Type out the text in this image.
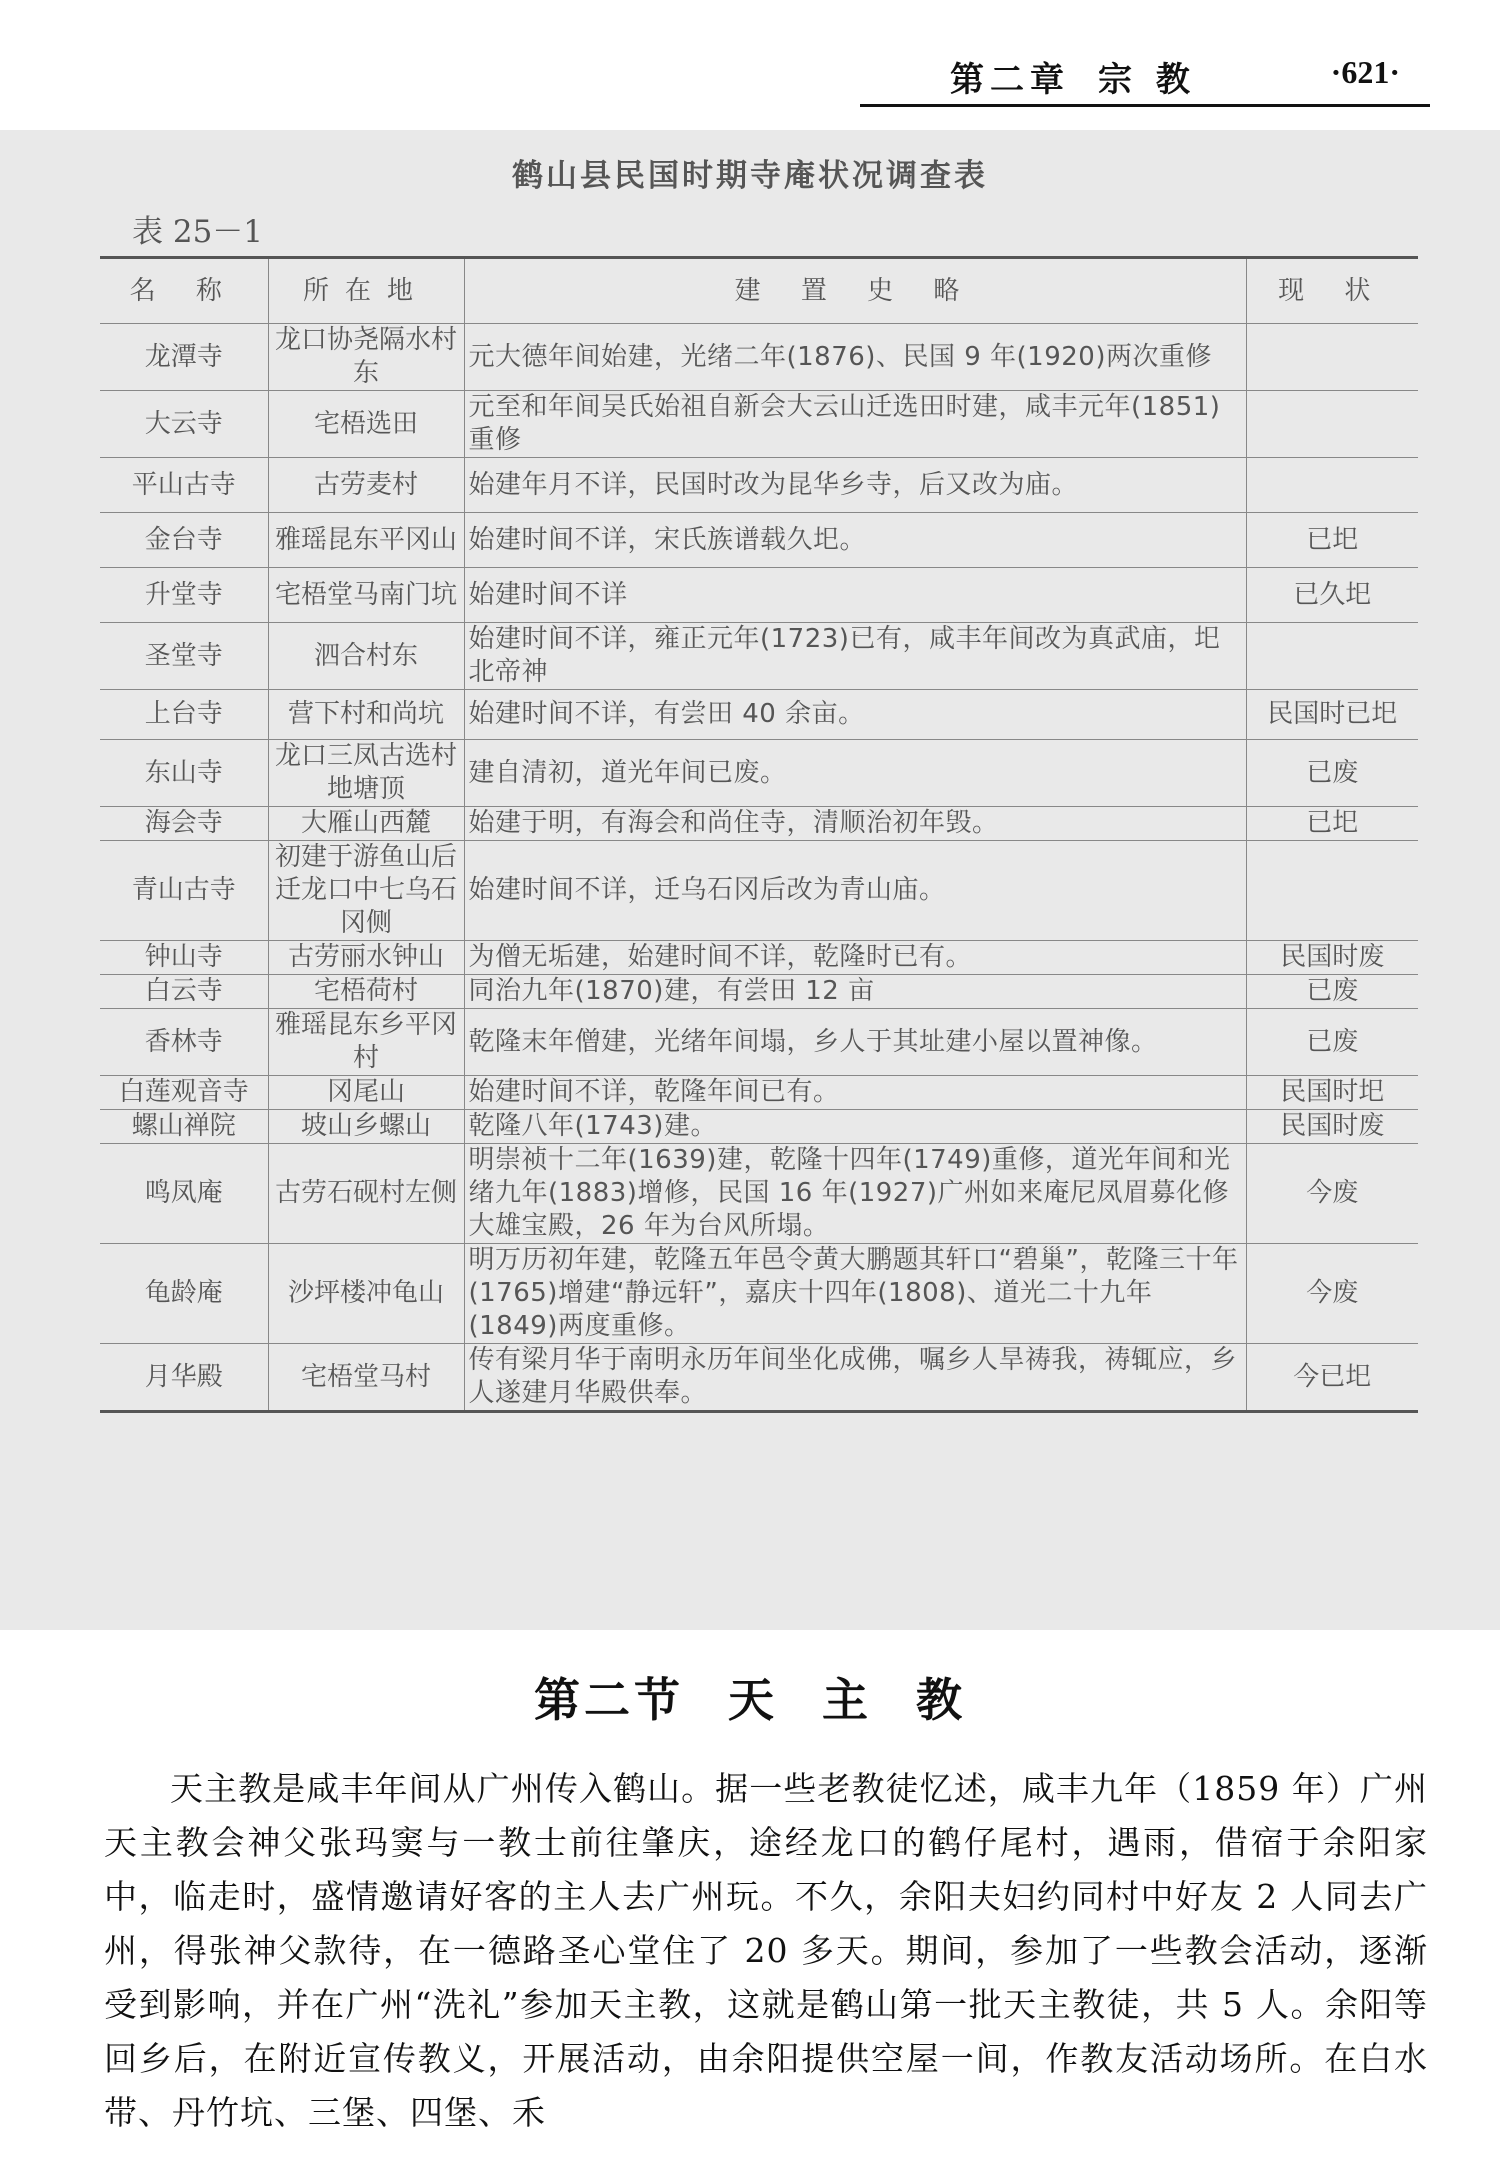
第二章 宗 教	·621·
鹤山县民国时期寺庵状况调查表
表 25－1
名 称	所在地	建 置 史 略	现 状
龙潭寺	龙口协尧隔水村东	元大德年间始建，光绪二年(1876)、民国 9 年(1920)两次重修	
大云寺	宅梧选田	元至和年间吴氏始祖自新会大云山迁选田时建，咸丰元年(1851)重修	
平山古寺	古劳麦村	始建年月不详，民国时改为昆华乡寺，后又改为庙。	
金台寺	雅瑶昆东平冈山	始建时间不详，宋氏族谱载久圯。	已圯
升堂寺	宅梧堂马南门坑	始建时间不详	已久圯
圣堂寺	泗合村东	始建时间不详，雍正元年(1723)已有，咸丰年间改为真武庙，圯北帝神	
上台寺	营下村和尚坑	始建时间不详，有尝田 40 余亩。	民国时已圯
东山寺	龙口三凤古选村地塘顶	建自清初，道光年间已废。	已废
海会寺	大雁山西麓	始建于明，有海会和尚住寺，清顺治初年毁。	已圯
青山古寺	初建于游鱼山后迁龙口中七乌石冈侧	始建时间不详，迁乌石冈后改为青山庙。	
钟山寺	古劳丽水钟山	为僧无垢建，始建时间不详，乾隆时已有。	民国时废
白云寺	宅梧荷村	同治九年(1870)建，有尝田 12 亩	已废
香林寺	雅瑶昆东乡平冈村	乾隆末年僧建，光绪年间塌，乡人于其址建小屋以置神像。	已废
白莲观音寺	冈尾山	始建时间不详，乾隆年间已有。	民国时圯
螺山禅院	坡山乡螺山	乾隆八年(1743)建。	民国时废
鸣凤庵	古劳石砚村左侧	明崇祯十二年(1639)建，乾隆十四年(1749)重修，道光年间和光绪九年(1883)增修，民国 16 年(1927)广州如来庵尼凤眉募化修大雄宝殿，26 年为台风所塌。	今废
龟龄庵	沙坪楼冲龟山	明万历初年建，乾隆五年邑令黄大鹏题其轩口“碧巢”，乾隆三十年(1765)增建“静远轩”，嘉庆十四年(1808)、道光二十九年(1849)两度重修。	今废
月华殿	宅梧堂马村	传有梁月华于南明永历年间坐化成佛，嘱乡人旱祷我，祷辄应，乡人遂建月华殿供奉。	今已圯
第二节 天 主 教

天主教是咸丰年间从广州传入鹤山。据一些老教徒忆述，咸丰九年（1859 年）广州天主教会神父张玛窦与一教士前往肇庆，途经龙口的鹤仔尾村，遇雨，借宿于余阳家中，临走时，盛情邀请好客的主人去广州玩。不久，余阳夫妇约同村中好友 2 人同去广州，得张神父款待，在一德路圣心堂住了 20 多天。期间，参加了一些教会活动，逐渐受到影响，并在广州“洗礼”参加天主教，这就是鹤山第一批天主教徒，共 5 人。余阳等回乡后，在附近宣传教义，开展活动，由余阳提供空屋一间，作教友活动场所。在白水带、丹竹坑、三堡、四堡、禾
